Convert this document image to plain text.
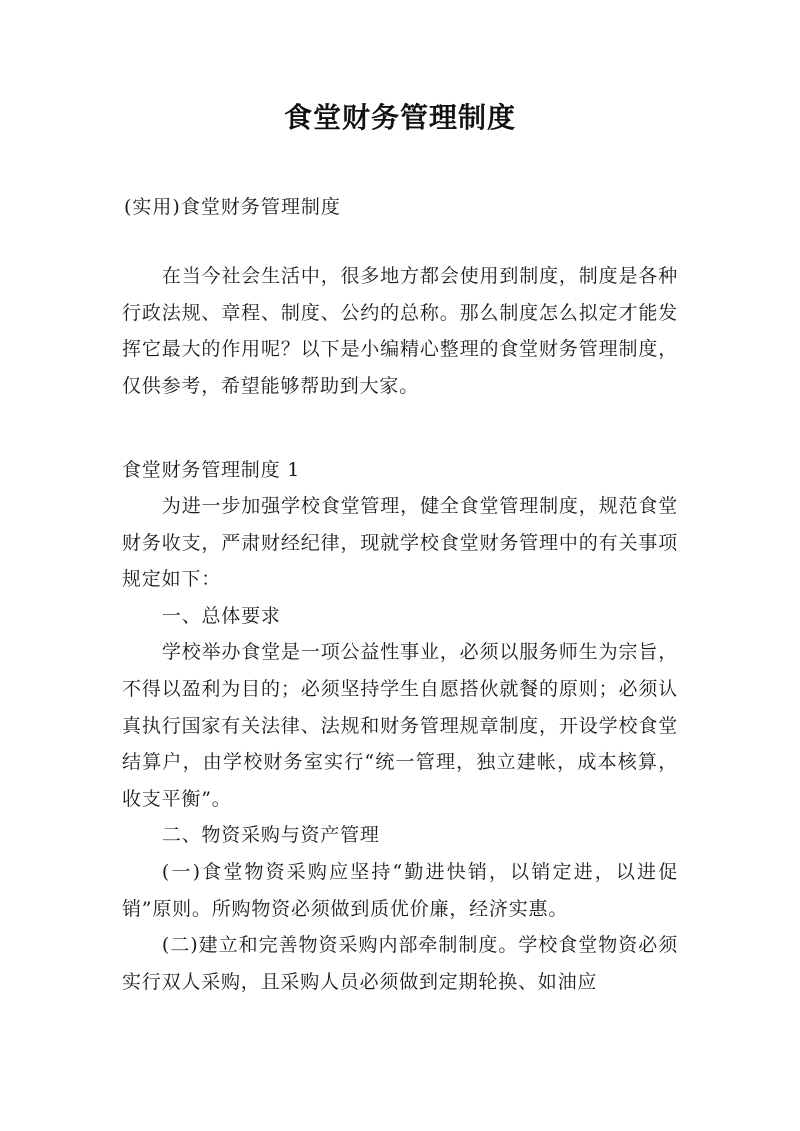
食堂财务管理制度
(实用)食堂财务管理制度

在当今社会生活中，很多地方都会使用到制度，制度是各种行政法规、章程、制度、公约的总称。那么制度怎么拟定才能发挥它最大的作用呢？以下是小编精心整理的食堂财务管理制度，仅供参考，希望能够帮助到大家。

食堂财务管理制度 1

为进一步加强学校食堂管理，健全食堂管理制度，规范食堂财务收支，严肃财经纪律，现就学校食堂财务管理中的有关事项规定如下：

一、总体要求

学校举办食堂是一项公益性事业，必须以服务师生为宗旨，不得以盈利为目的；必须坚持学生自愿搭伙就餐的原则；必须认真执行国家有关法律、法规和财务管理规章制度，开设学校食堂结算户，由学校财务室实行“统一管理，独立建帐，成本核算，收支平衡”。

二、物资采购与资产管理

(一)食堂物资采购应坚持“勤进快销，以销定进，以进促销”原则。所购物资必须做到质优价廉，经济实惠。

(二)建立和完善物资采购内部牵制制度。学校食堂物资必须实行双人采购，且采购人员必须做到定期轮换、如油应
